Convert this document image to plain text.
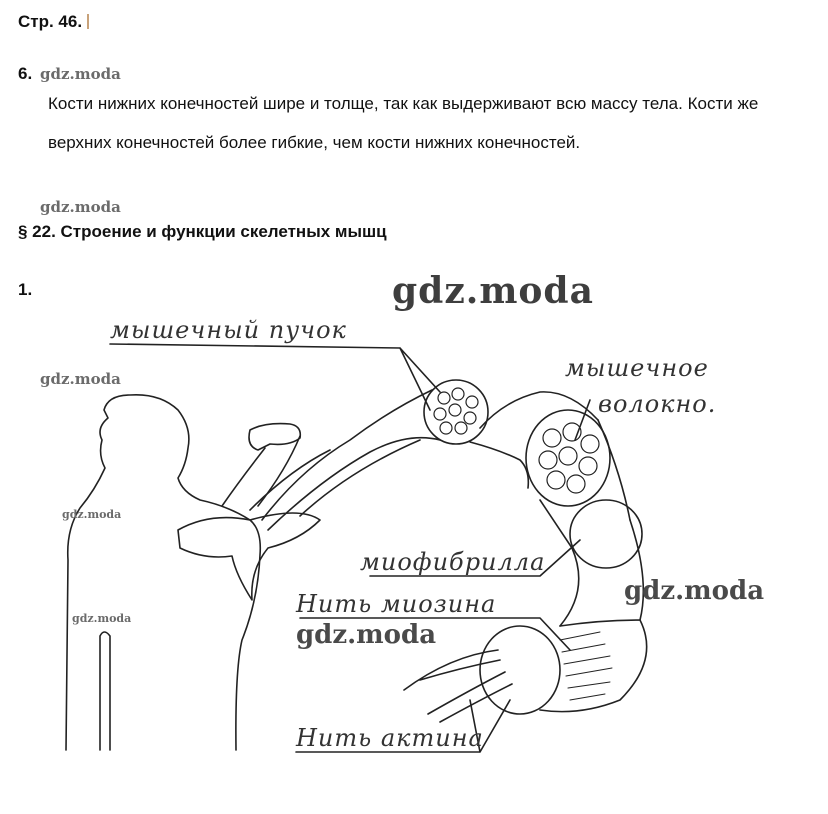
Стр. 46.
6. gdz.moda
Кости нижних конечностей шире и толще, так как выдерживают всю массу тела. Кости же верхних конечностей более гибкие, чем кости нижних конечностей.
gdz.moda
§ 22. Строение и функции скелетных мышц
1.
мышечный пучок
мышечное
волокно.
миофибрилла
Нить миозина
Нить актина
gdz.moda
gdz.moda
gdz.moda
gdz.moda
gdz.moda
gdz.moda
